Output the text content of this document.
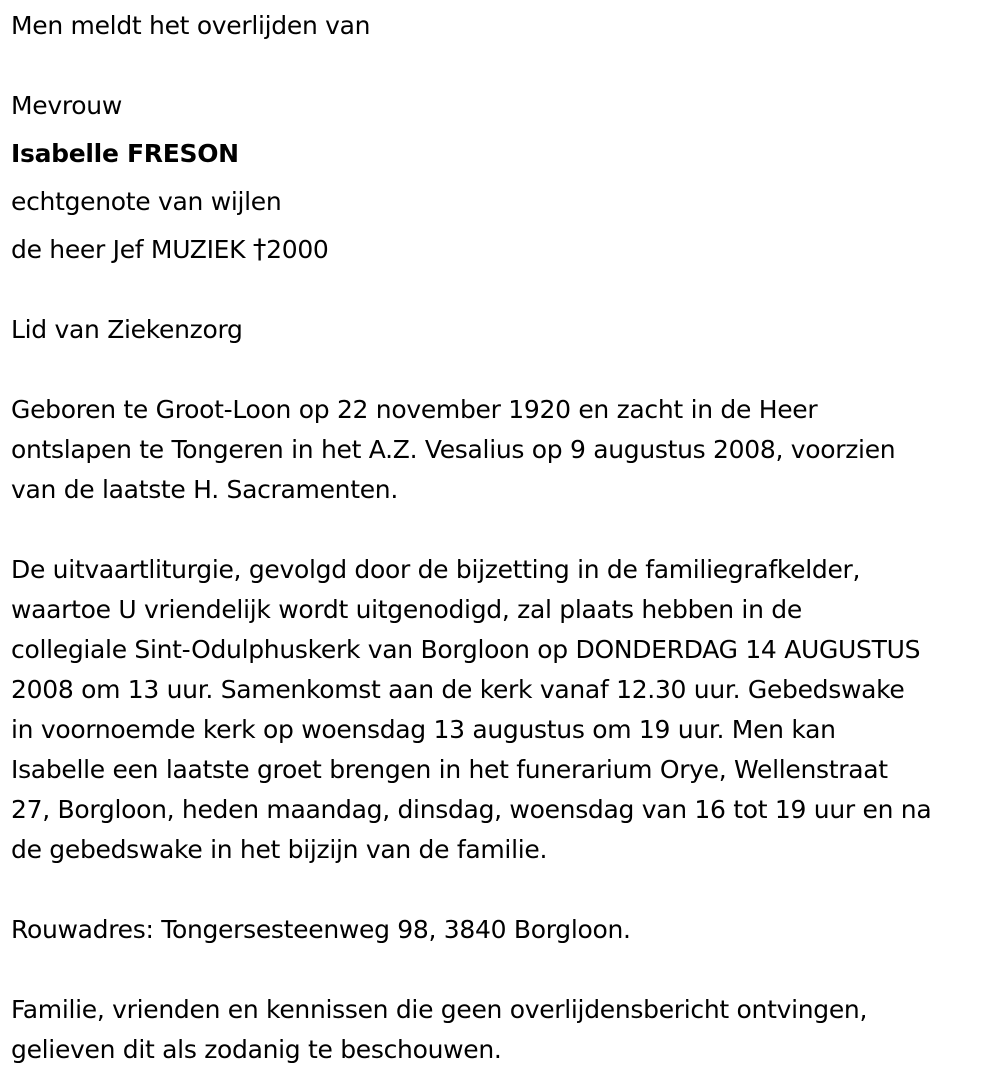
Men meldt het overlijden van

Mevrouw

Isabelle FRESON

echtgenote van wijlen

de heer Jef MUZIEK †2000

Lid van Ziekenzorg

Geboren te Groot-Loon op 22 november 1920 en zacht in de Heer
ontslapen te Tongeren in het A.Z. Vesalius op 9 augustus 2008, voorzien
van de laatste H. Sacramenten.

De uitvaartliturgie, gevolgd door de bijzetting in de familiegrafkelder,
waartoe U vriendelijk wordt uitgenodigd, zal plaats hebben in de
collegiale Sint-Odulphuskerk van Borgloon op DONDERDAG 14 AUGUSTUS
2008 om 13 uur. Samenkomst aan de kerk vanaf 12.30 uur. Gebedswake
in voornoemde kerk op woensdag 13 augustus om 19 uur. Men kan
Isabelle een laatste groet brengen in het funerarium Orye, Wellenstraat
27, Borgloon, heden maandag, dinsdag, woensdag van 16 tot 19 uur en na
de gebedswake in het bijzijn van de familie.

Rouwadres: Tongersesteenweg 98, 3840 Borgloon.

Familie, vrienden en kennissen die geen overlijdensbericht ontvingen,
gelieven dit als zodanig te beschouwen.
